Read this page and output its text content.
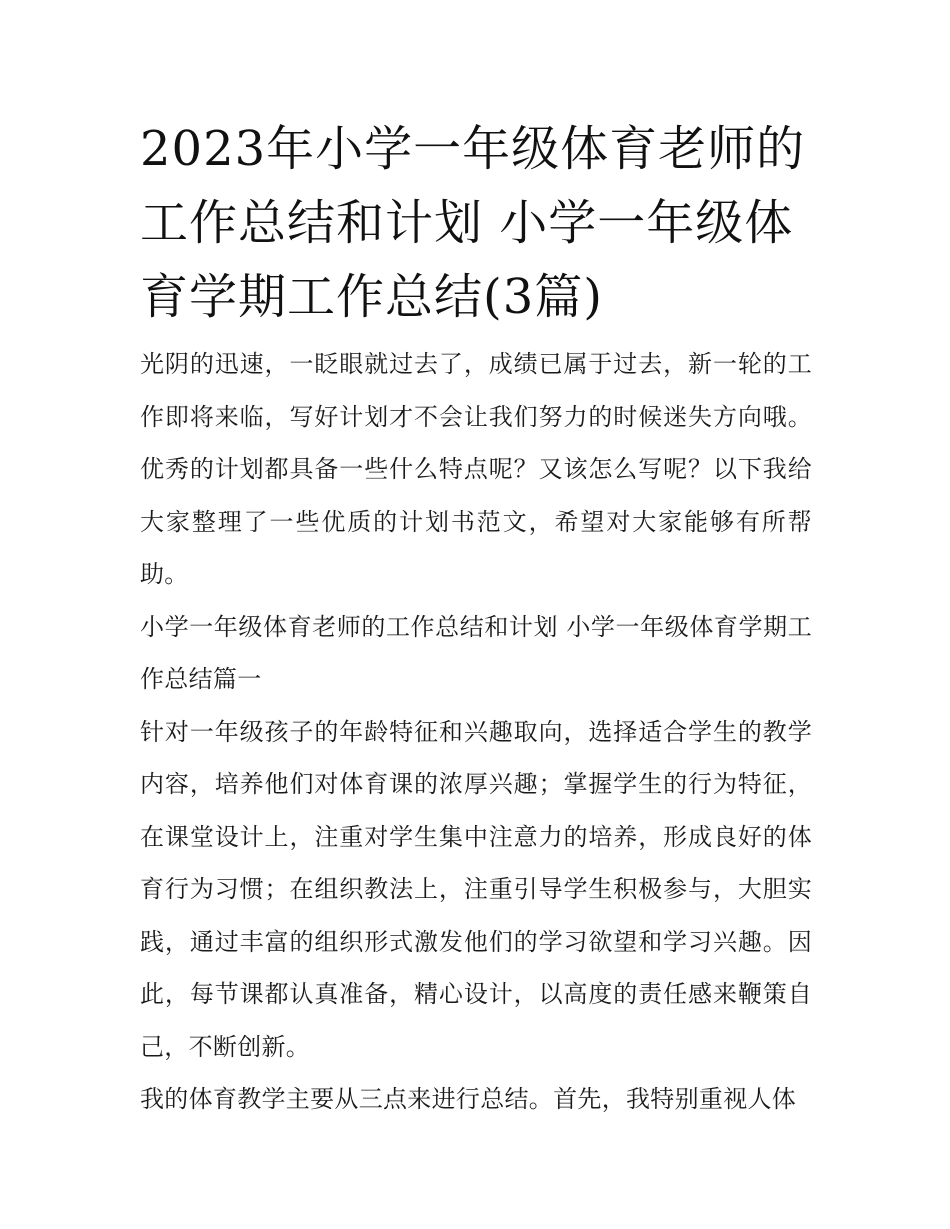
2023年小学一年级体育老师的工作总结和计划 小学一年级体育学期工作总结(3篇)

光阴的迅速，一眨眼就过去了，成绩已属于过去，新一轮的工作即将来临，写好计划才不会让我们努力的时候迷失方向哦。优秀的计划都具备一些什么特点呢？又该怎么写呢？以下我给大家整理了一些优质的计划书范文，希望对大家能够有所帮助。

小学一年级体育老师的工作总结和计划 小学一年级体育学期工作总结篇一

针对一年级孩子的年龄特征和兴趣取向，选择适合学生的教学内容，培养他们对体育课的浓厚兴趣；掌握学生的行为特征，在课堂设计上，注重对学生集中注意力的培养，形成良好的体育行为习惯；在组织教法上，注重引导学生积极参与，大胆实践，通过丰富的组织形式激发他们的学习欲望和学习兴趣。因此，每节课都认真准备，精心设计，以高度的责任感来鞭策自己，不断创新。

我的体育教学主要从三点来进行总结。首先，我特别重视人体
